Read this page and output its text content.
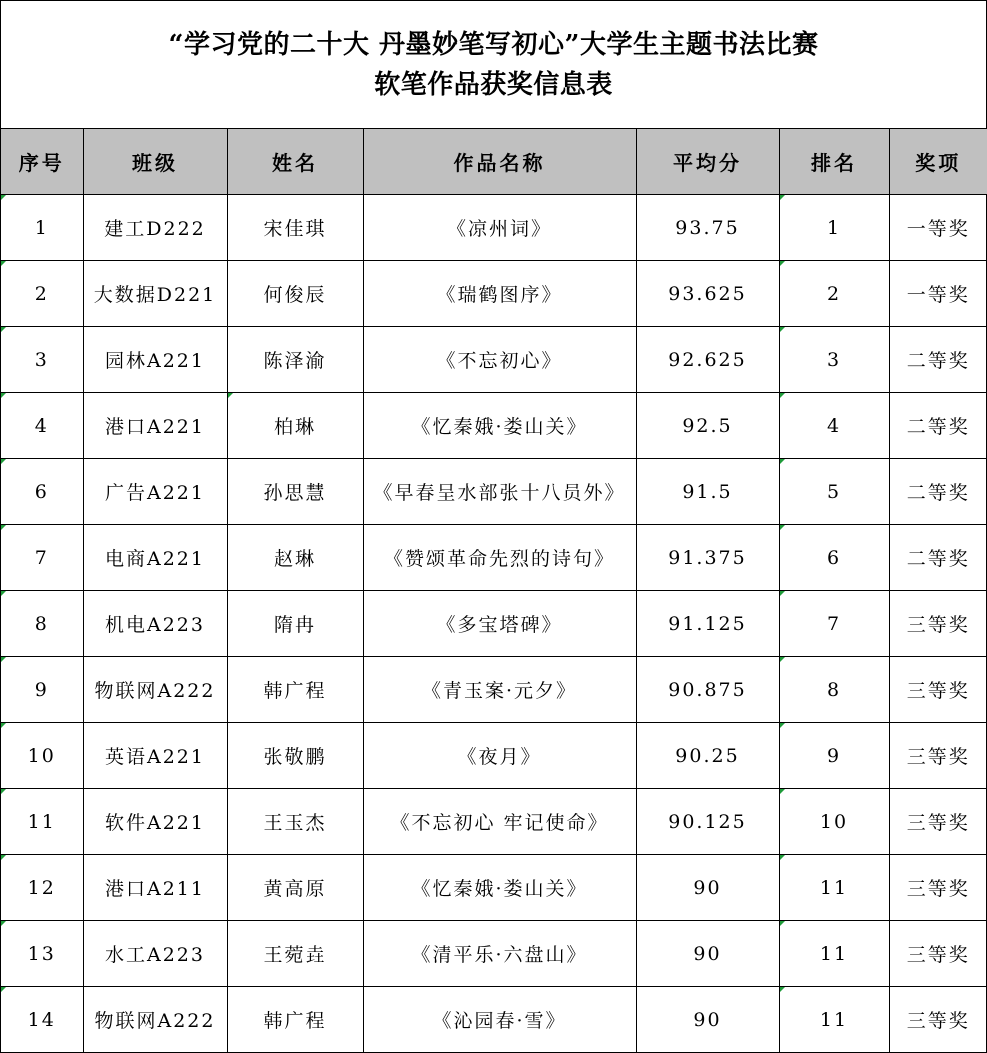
“学习党的二十大 丹墨妙笔写初心”大学生主题书法比赛
软笔作品获奖信息表
序号	班级	姓名	作品名称	平均分	排名	奖项
1	建工D222	宋佳琪	《凉州词》	93.75	1	一等奖
2	大数据D221	何俊辰	《瑞鹤图序》	93.625	2	一等奖
3	园林A221	陈泽渝	《不忘初心》	92.625	3	二等奖
4	港口A221	柏琳	《忆秦娥·娄山关》	92.5	4	二等奖
6	广告A221	孙思慧	《早春呈水部张十八员外》	91.5	5	二等奖
7	电商A221	赵琳	《赞颂革命先烈的诗句》	91.375	6	二等奖
8	机电A223	隋冉	《多宝塔碑》	91.125	7	三等奖
9	物联网A222	韩广程	《青玉案·元夕》	90.875	8	三等奖
10	英语A221	张敬鹏	《夜月》	90.25	9	三等奖
11	软件A221	王玉杰	《不忘初心 牢记使命》	90.125	10	三等奖
12	港口A211	黄高原	《忆秦娥·娄山关》	90	11	三等奖
13	水工A223	王菀垚	《清平乐·六盘山》	90	11	三等奖
14	物联网A222	韩广程	《沁园春·雪》	90	11	三等奖
